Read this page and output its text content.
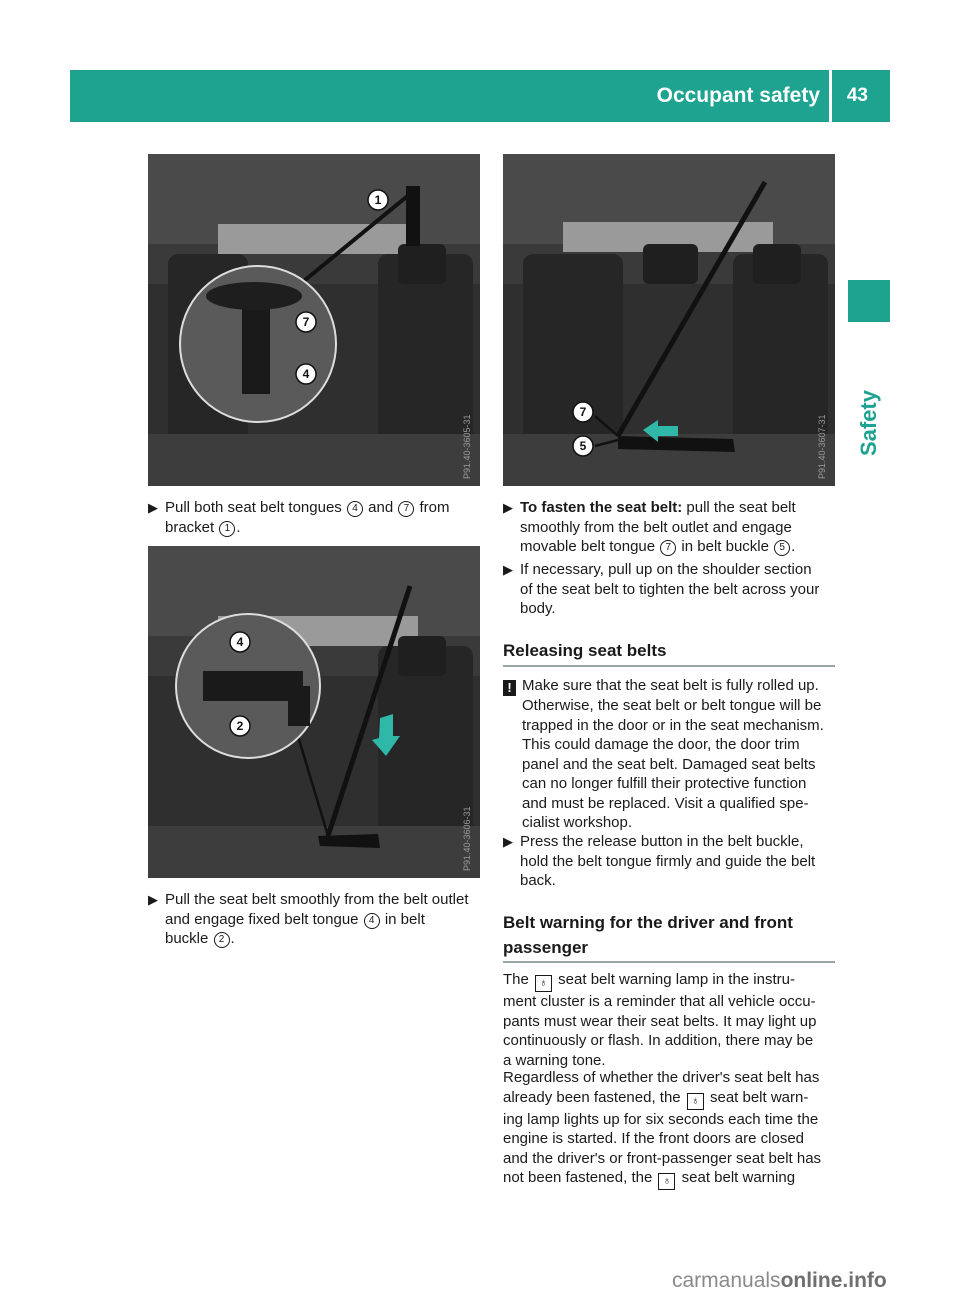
Occupant safety 43
Safety
1
7
4
P91.40-3605-31
▶ Pull both seat belt tongues 4 and 7 from
bracket 1 .
4
2
P91.40-3606-31
▶ Pull the seat belt smoothly from the belt outlet
and engage fixed belt tongue 4 in belt
buckle 2 .
7
5	P91.40-3607-31
▶ To fasten the seat belt: pull the seat belt
smoothly from the belt outlet and engage
movable belt tongue 7 in belt buckle 5 .
▶ If necessary, pull up on the shoulder section
of the seat belt to tighten the belt across your
body.
Releasing seat belts
! Make sure that the seat belt is fully rolled up.
Otherwise, the seat belt or belt tongue will be
trapped in the door or in the seat mechanism.
This could damage the door, the door trim
panel and the seat belt. Damaged seat belts
can no longer fulfill their protective function
and must be replaced. Visit a qualified spe-
cialist workshop.
▶ Press the release button in the belt buckle,
hold the belt tongue firmly and guide the belt
back.
Belt warning for the driver and front
passenger
The ♁ seat belt warning lamp in the instru-
ment cluster is a reminder that all vehicle occu-
pants must wear their seat belts. It may light up
continuously or flash. In addition, there may be
a warning tone.
Regardless of whether the driver's seat belt has
already been fastened, the ♁ seat belt warn-
ing lamp lights up for six seconds each time the
engine is started. If the front doors are closed
and the driver's or front-passenger seat belt has
not been fastened, the ♁ seat belt warning
carmanualsonline.info
